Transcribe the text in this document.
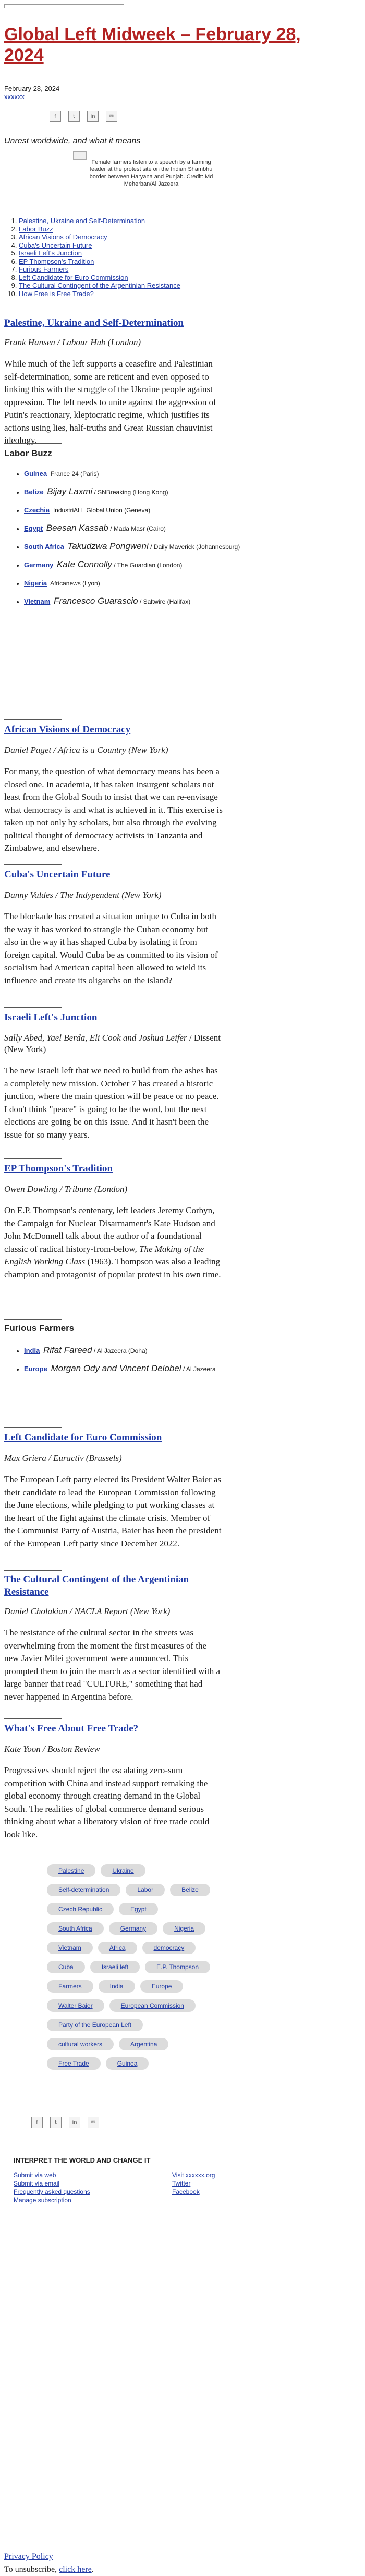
Global Left Midweek – February 28, 2024
February 28, 2024
xxxxxx
f	t	in	✉
Unrest worldwide, and what it means
Female farmers listen to a speech by a farming leader at the protest site on the Indian Shambhu border between Haryana and Punjab. Credit: Md Meherban/Al Jazeera
1. Palestine, Ukraine and Self-Determination
2. Labor Buzz
3. African Visions of Democracy
4. Cuba's Uncertain Future
5. Israeli Left's Junction
6. EP Thompson's Tradition
7. Furious Farmers
8. Left Candidate for Euro Commission
9. The Cultural Contingent of the Argentinian Resistance
10. How Free is Free Trade?
Palestine, Ukraine and Self-Determination
Frank Hansen / Labour Hub (London)

While much of the left supports a ceasefire and Palestinian self-determination, some are reticent and even opposed to linking this with the struggle of the Ukraine people against oppression. The left needs to unite against the aggression of Putin's reactionary, kleptocratic regime, which justifies its actions using lies, half-truths and Great Russian chauvinist ideology.

Labor Buzz
• Guinea France 24 (Paris)
• Belize Bijay Laxmi / SNBreaking (Hong Kong)
• Czechia IndustriALL Global Union (Geneva)
• Egypt Beesan Kassab / Mada Masr (Cairo)
• South Africa Takudzwa Pongweni / Daily Maverick (Johannesburg)
• Germany Kate Connolly / The Guardian (London)
• Nigeria Africanews (Lyon)
• Vietnam Francesco Guarascio / Saltwire (Halifax)
African Visions of Democracy
Daniel Paget / Africa is a Country (New York)

For many, the question of what democracy means has been a closed one. In academia, it has taken insurgent scholars not least from the Global South to insist that we can re-envisage what democracy is and what is achieved in it. This exercise is taken up not only by scholars, but also through the evolving political thought of democracy activists in Tanzania and Zimbabwe, and elsewhere.

Cuba's Uncertain Future
Danny Valdes / The Indypendent (New York)

The blockade has created a situation unique to Cuba in both the way it has worked to strangle the Cuban economy but also in the way it has shaped Cuba by isolating it from foreign capital. Would Cuba be as committed to its vision of socialism had American capital been allowed to wield its influence and create its oligarchs on the island?

Israeli Left's Junction
Sally Abed, Yael Berda, Eli Cook and Joshua Leifer / Dissent (New York)

The new Israeli left that we need to build from the ashes has a completely new mission. October 7 has created a historic junction, where the main question will be peace or no peace. I don't think "peace" is going to be the word, but the next elections are going be on this issue. And it hasn't been the issue for so many years.

EP Thompson's Tradition
Owen Dowling / Tribune (London)

On E.P. Thompson's centenary, left leaders Jeremy Corbyn, the Campaign for Nuclear Disarmament's Kate Hudson and John McDonnell talk about the author of a foundational classic of radical history-from-below, The Making of the English Working Class (1963). Thompson was also a leading champion and protagonist of popular protest in his own time.

Furious Farmers
• India Rifat Fareed / Al Jazeera (Doha)
• Europe Morgan Ody and Vincent Delobel / Al Jazeera
Left Candidate for Euro Commission
Max Griera / Euractiv (Brussels)

The European Left party elected its President Walter Baier as their candidate to lead the European Commission following the June elections, while pledging to put working classes at the heart of the fight against the climate crisis. Member of the Communist Party of Austria, Baier has been the president of the European Left party since December 2022.

The Cultural Contingent of the Argentinian Resistance
Daniel Cholakian / NACLA Report (New York)

The resistance of the cultural sector in the streets was overwhelming from the moment the first measures of the new Javier Milei government were announced. This prompted them to join the march as a sector identified with a large banner that read "CULTURE," something that had never happened in Argentina before.

What's Free About Free Trade?
Kate Yoon / Boston Review

Progressives should reject the escalating zero-sum competition with China and instead support remaking the global economy through creating demand in the Global South. The realities of global commerce demand serious thinking about what a liberatory vision of free trade could look like.

Palestine	Ukraine
Self-determination	Labor	Belize
Czech Republic	Egypt
South Africa	Germany	Nigeria
Vietnam	Africa	democracy
Cuba	Israeli left	E.P. Thompson
Farmers	India	Europe
Walter Baier	European Commission
Party of the European Left
cultural workers	Argentina
Free Trade	Guinea
f	t	in	✉
INTERPRET THE WORLD AND CHANGE IT
Submit via web
Submit via email
Frequently asked questions
Manage subscription
Visit xxxxxx.org
Twitter
Facebook
Privacy Policy
To unsubscribe, click here.
